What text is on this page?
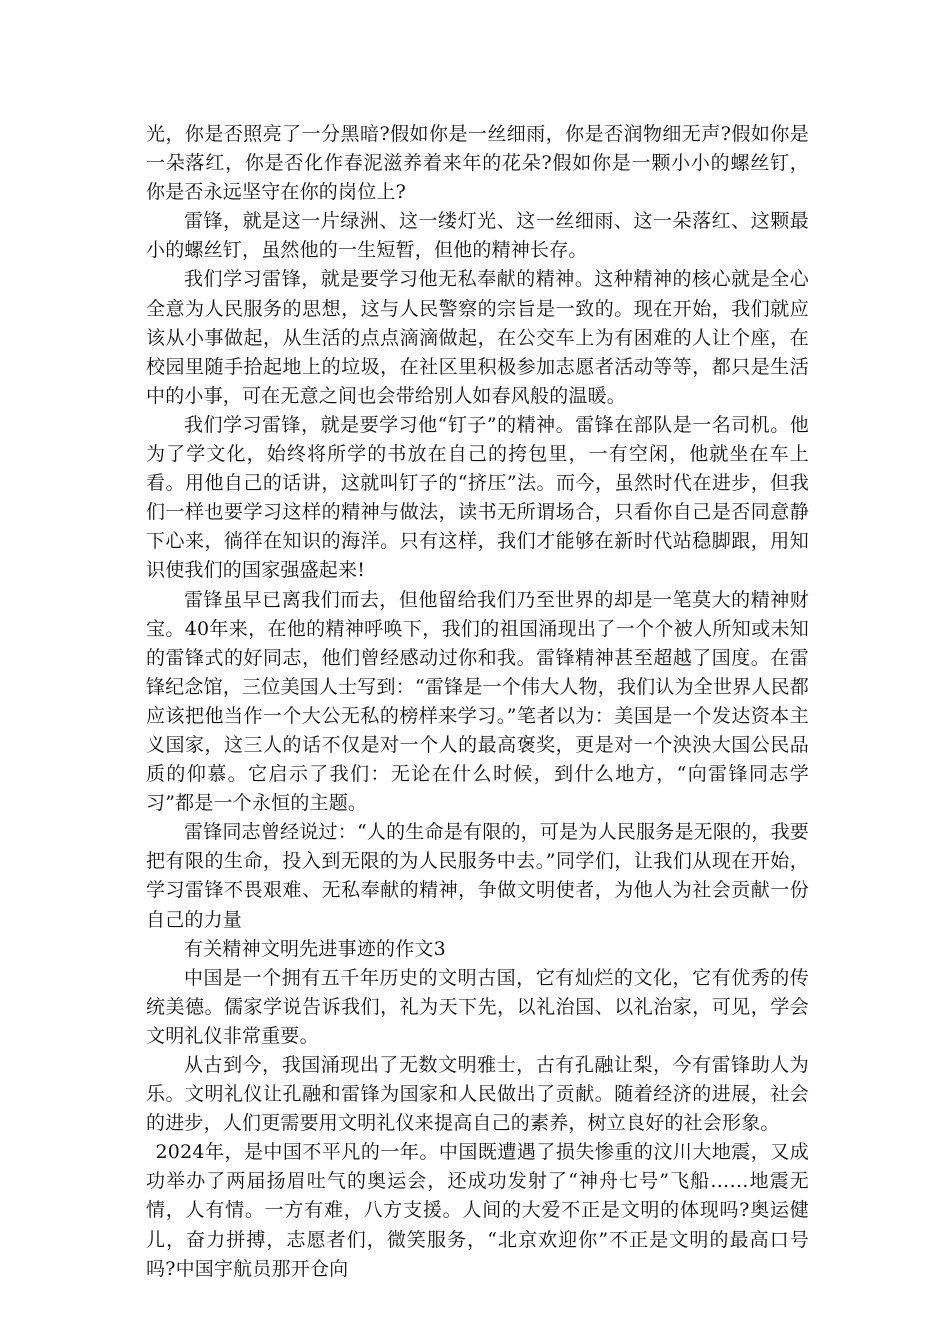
光，你是否照亮了一分黑暗?假如你是一丝细雨，你是否润物细无声?假如你是一朵落红，你是否化作春泥滋养着来年的花朵?假如你是一颗小小的螺丝钉，你是否永远坚守在你的岗位上?

雷锋，就是这一片绿洲、这一缕灯光、这一丝细雨、这一朵落红、这颗最小的螺丝钉，虽然他的一生短暂，但他的精神长存。

我们学习雷锋，就是要学习他无私奉献的精神。这种精神的核心就是全心全意为人民服务的思想，这与人民警察的宗旨是一致的。现在开始，我们就应该从小事做起，从生活的点点滴滴做起，在公交车上为有困难的人让个座，在校园里随手拾起地上的垃圾，在社区里积极参加志愿者活动等等，都只是生活中的小事，可在无意之间也会带给别人如春风般的温暖。

我们学习雷锋，就是要学习他“钉子”的精神。雷锋在部队是一名司机。他为了学文化，始终将所学的书放在自己的挎包里，一有空闲，他就坐在车上看。用他自己的话讲，这就叫钉子的“挤压”法。而今，虽然时代在进步，但我们一样也要学习这样的精神与做法，读书无所谓场合，只看你自己是否同意静下心来，徜徉在知识的海洋。只有这样，我们才能够在新时代站稳脚跟，用知识使我们的国家强盛起来!

雷锋虽早已离我们而去，但他留给我们乃至世界的却是一笔莫大的精神财宝。40年来，在他的精神呼唤下，我们的祖国涌现出了一个个被人所知或未知的雷锋式的好同志，他们曾经感动过你和我。雷锋精神甚至超越了国度。在雷锋纪念馆，三位美国人士写到：“雷锋是一个伟大人物，我们认为全世界人民都应该把他当作一个大公无私的榜样来学习。”笔者以为：美国是一个发达资本主义国家，这三人的话不仅是对一个人的最高褒奖，更是对一个泱泱大国公民品质的仰慕。它启示了我们：无论在什么时候，到什么地方，“向雷锋同志学习”都是一个永恒的主题。

雷锋同志曾经说过：“人的生命是有限的，可是为人民服务是无限的，我要把有限的生命，投入到无限的为人民服务中去。”同学们，让我们从现在开始，学习雷锋不畏艰难、无私奉献的精神，争做文明使者，为他人为社会贡献一份自己的力量

有关精神文明先进事迹的作文3

中国是一个拥有五千年历史的文明古国，它有灿烂的文化，它有优秀的传统美德。儒家学说告诉我们，礼为天下先，以礼治国、以礼治家，可见，学会文明礼仪非常重要。

从古到今，我国涌现出了无数文明雅士，古有孔融让梨，今有雷锋助人为乐。文明礼仪让孔融和雷锋为国家和人民做出了贡献。随着经济的进展，社会的进步，人们更需要用文明礼仪来提高自己的素养，树立良好的社会形象。

2024年，是中国不平凡的一年。中国既遭遇了损失惨重的汶川大地震，又成功举办了两届扬眉吐气的奥运会，还成功发射了“神舟七号”飞船……地震无情，人有情。一方有难，八方支援。人间的大爱不正是文明的体现吗?奥运健儿，奋力拼搏，志愿者们，微笑服务，“北京欢迎你”不正是文明的最高口号吗?中国宇航员那开仓向
